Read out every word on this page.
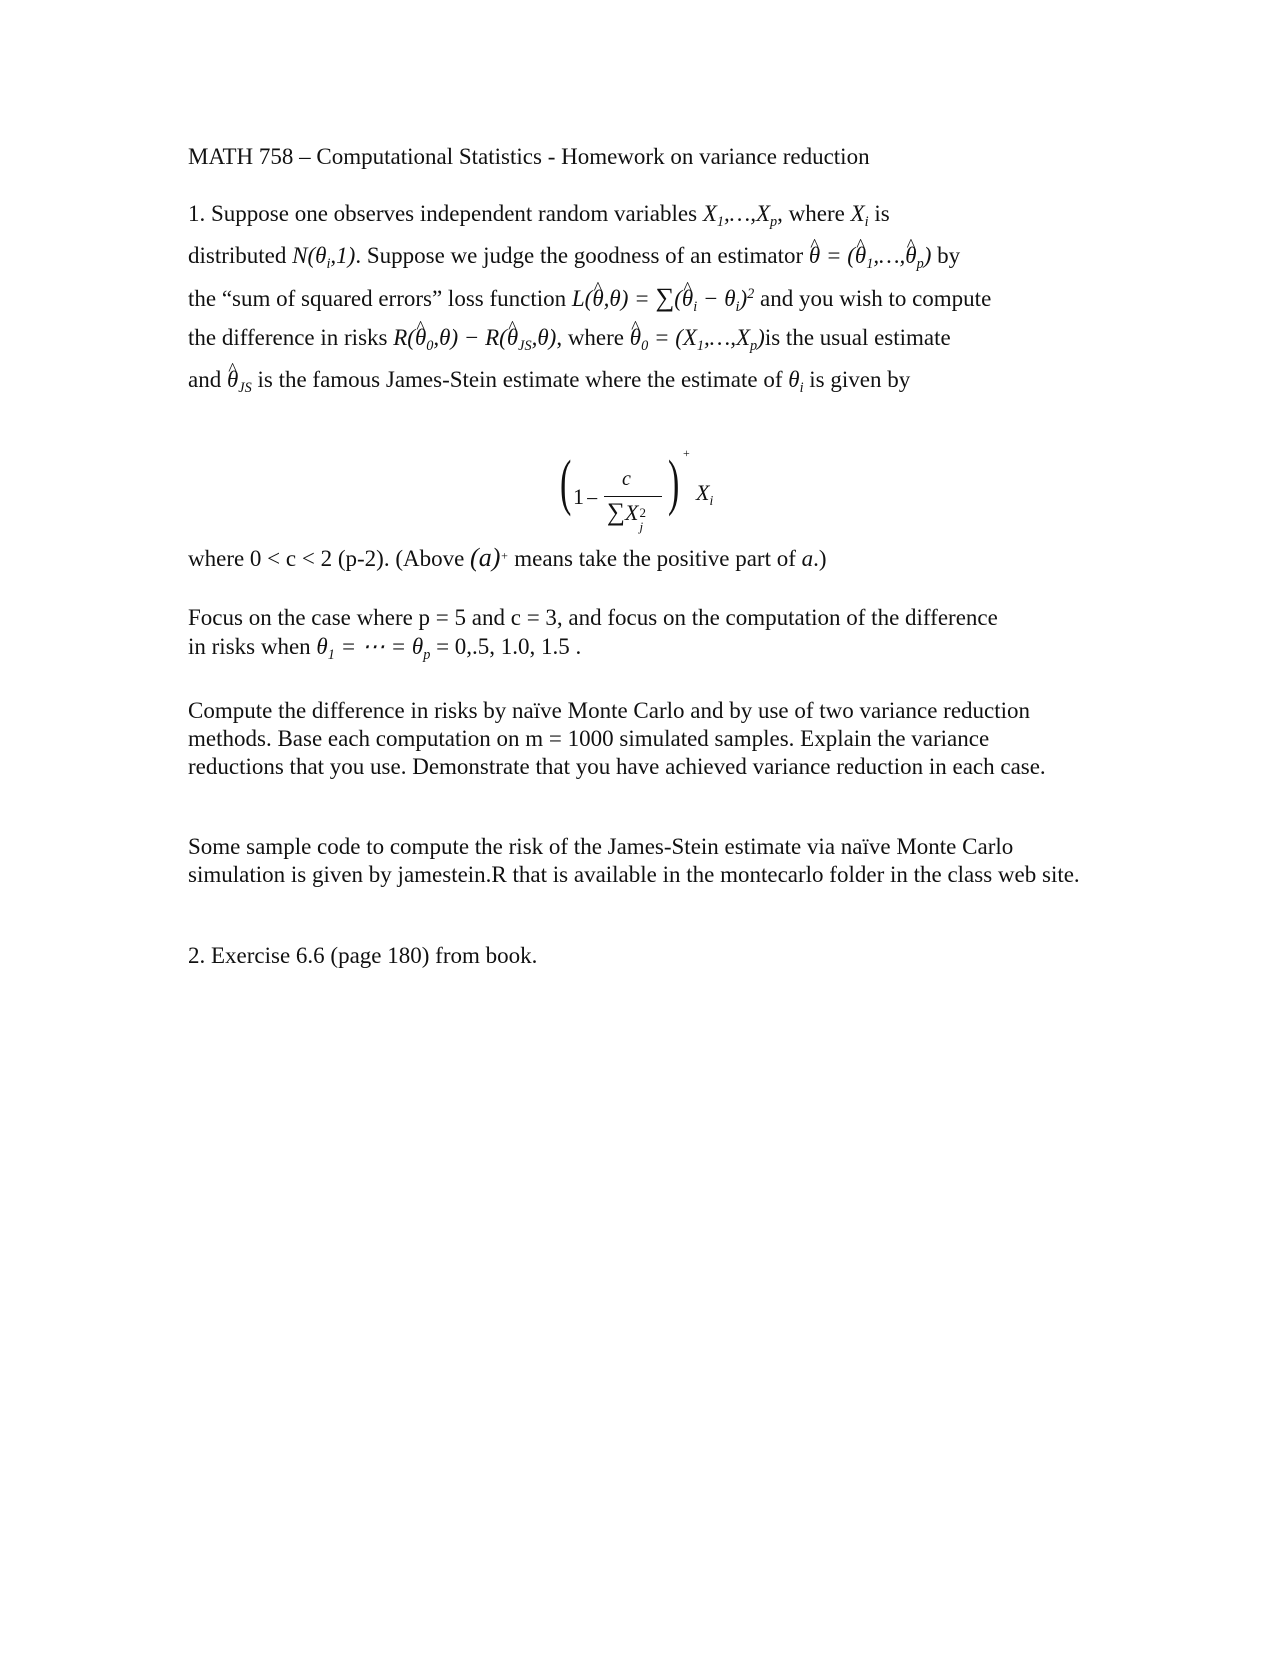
MATH 758 – Computational Statistics - Homework on variance reduction
1. Suppose one observes independent random variables $X_1,\dots,X_p$, where $X_i$ is
distributed $N(\theta_i,1)$. Suppose we judge the goodness of an estimator ^ θ = (^ $\theta_1,\dots,\^{}$ $\theta_p$) by
the “sum of squared errors” loss function L(^ θ,θ) = ∑(^ $\theta_i - \theta_i)^2$ and you wish to compute
the difference in risks R(^ $\theta_0,\theta$) − R(^ $\theta_{JS},\theta$), where ^ $\theta_0$ = $(X_1,\dots,X_p)is$ the usual estimate
and ^ $\theta_{JS}$ is the famous James-Stein estimate where the estimate of $\theta_i$ is given by
( 1 −
c
∑X 2
j
) +
$X_i$
where 0 < c < 2 (p-2). (Above (a)+ means take the positive part of a.)
Focus on the case where p = 5 and c = 3, and focus on the computation of the difference
in risks when $\theta_1$ = ⋯ = $\theta_p = 0,.5$, 1.0, 1.5 .
Compute the difference in risks by naïve Monte Carlo and by use of two variance reduction methods. Base each computation on m = 1000 simulated samples. Explain the variance reductions that you use. Demonstrate that you have achieved variance reduction in each case.
Some sample code to compute the risk of the James-Stein estimate via naïve Monte Carlo simulation is given by jamestein.R that is available in the montecarlo folder in the class web site.
2. Exercise 6.6 (page 180) from book.
